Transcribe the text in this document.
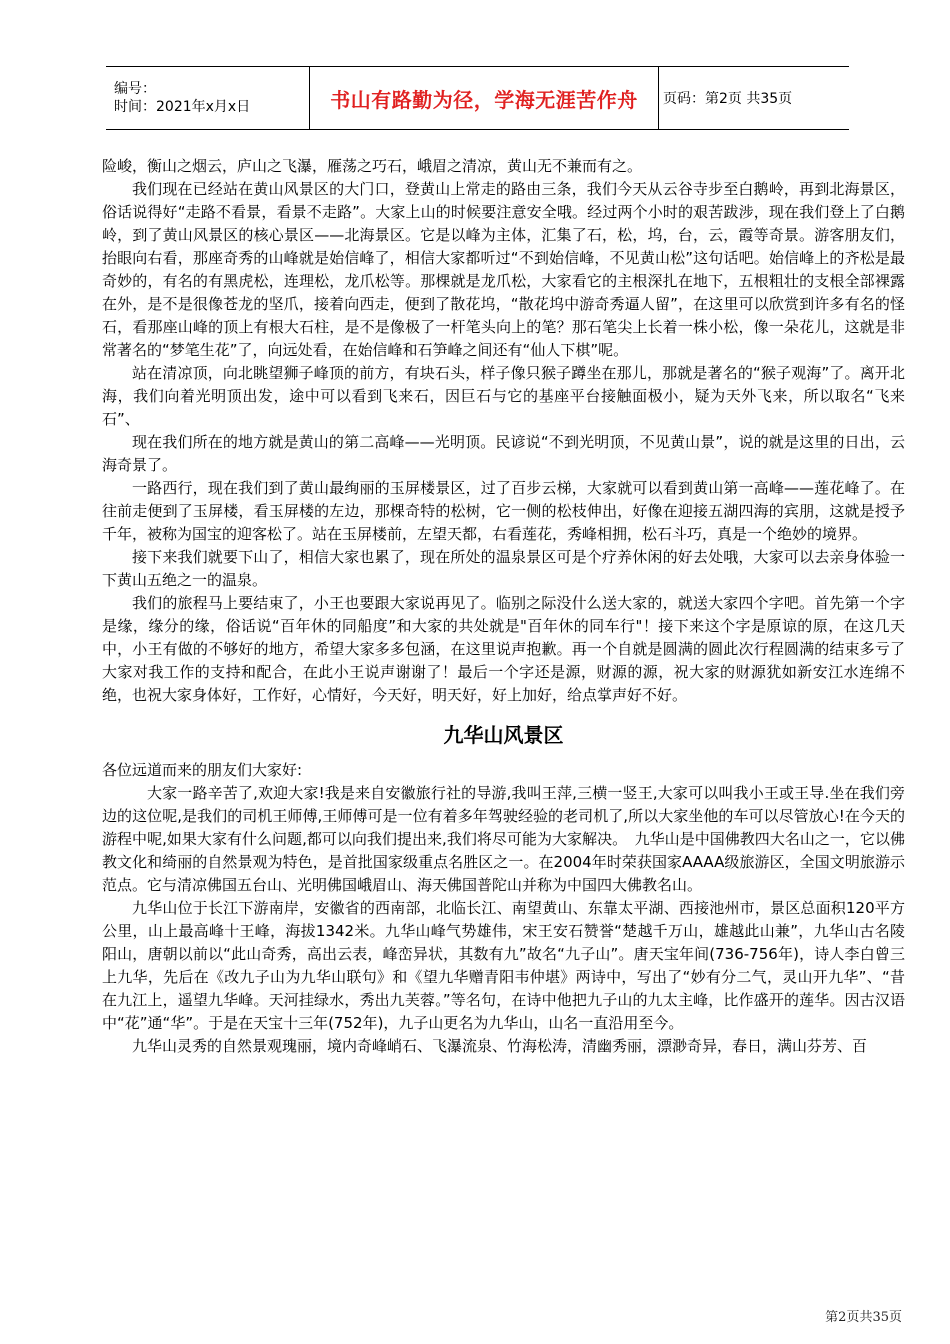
编号：
时间：2021年x月x日	书山有路勤为径，学海无涯苦作舟	页码：第2页 共35页

险峻，衡山之烟云，庐山之飞瀑，雁荡之巧石，峨眉之清凉，黄山无不兼而有之。

我们现在已经站在黄山风景区的大门口，登黄山上常走的路由三条，我们今天从云谷寺步至白鹅岭，再到北海景区，俗话说得好“走路不看景，看景不走路”。大家上山的时候要注意安全哦。经过两个小时的艰苦跋涉，现在我们登上了白鹅岭，到了黄山风景区的核心景区——北海景区。它是以峰为主体，汇集了石，松，坞，台，云，霞等奇景。游客朋友们，抬眼向右看，那座奇秀的山峰就是始信峰了，相信大家都听过“不到始信峰，不见黄山松”这句话吧。始信峰上的齐松是最奇妙的，有名的有黑虎松，连理松，龙爪松等。那棵就是龙爪松，大家看它的主根深扎在地下，五根粗壮的支根全部裸露在外，是不是很像苍龙的坚爪，接着向西走，便到了散花坞，“散花坞中游奇秀逼人留”，在这里可以欣赏到许多有名的怪石，看那座山峰的顶上有根大石柱，是不是像极了一杆笔头向上的笔？那石笔尖上长着一株小松，像一朵花儿，这就是非常著名的“梦笔生花”了，向远处看，在始信峰和石笋峰之间还有“仙人下棋”呢。

站在清凉顶，向北眺望狮子峰顶的前方，有块石头，样子像只猴子蹲坐在那儿，那就是著名的“猴子观海”了。离开北海，我们向着光明顶出发，途中可以看到飞来石，因巨石与它的基座平台接触面极小，疑为天外飞来，所以取名“飞来石”、

现在我们所在的地方就是黄山的第二高峰——光明顶。民谚说“不到光明顶，不见黄山景”，说的就是这里的日出，云海奇景了。

一路西行，现在我们到了黄山最绚丽的玉屏楼景区，过了百步云梯，大家就可以看到黄山第一高峰——莲花峰了。在往前走便到了玉屏楼，看玉屏楼的左边，那棵奇特的松树，它一侧的松枝伸出，好像在迎接五湖四海的宾朋，这就是授予千年，被称为国宝的迎客松了。站在玉屏楼前，左望天都，右看莲花，秀峰相拥，松石斗巧，真是一个绝妙的境界。

接下来我们就要下山了，相信大家也累了，现在所处的温泉景区可是个疗养休闲的好去处哦，大家可以去亲身体验一下黄山五绝之一的温泉。

我们的旅程马上要结束了，小王也要跟大家说再见了。临别之际没什么送大家的，就送大家四个字吧。首先第一个字是缘，缘分的缘，俗话说“百年休的同船度”和大家的共处就是"百年休的同车行"！接下来这个字是原谅的原，在这几天中，小王有做的不够好的地方，希望大家多多包涵，在这里说声抱歉。再一个自就是圆满的圆此次行程圆满的结束多亏了大家对我工作的支持和配合，在此小王说声谢谢了！最后一个字还是源，财源的源，祝大家的财源犹如新安江水连绵不绝，也祝大家身体好，工作好，心情好，今天好，明天好，好上加好，给点掌声好不好。

九华山风景区

各位远道而来的朋友们大家好:

大家一路辛苦了,欢迎大家!我是来自安徽旅行社的导游,我叫王萍,三横一竖王,大家可以叫我小王或王导.坐在我们旁边的这位呢,是我们的司机王师傅,王师傅可是一位有着多年驾驶经验的老司机了,所以大家坐他的车可以尽管放心!在今天的游程中呢,如果大家有什么问题,都可以向我们提出来,我们将尽可能为大家解决。　九华山是中国佛教四大名山之一，它以佛教文化和绮丽的自然景观为特色，是首批国家级重点名胜区之一。在2004年时荣获国家AAAA级旅游区，全国文明旅游示范点。它与清凉佛国五台山、光明佛国峨眉山、海天佛国普陀山并称为中国四大佛教名山。

九华山位于长江下游南岸，安徽省的西南部，北临长江、南望黄山、东靠太平湖、西接池州市，景区总面积120平方公里，山上最高峰十王峰，海拔1342米。九华山峰气势雄伟，宋王安石赞誉“楚越千万山，雄越此山兼”，九华山古名陵阳山，唐朝以前以“此山奇秀，高出云表，峰峦异状，其数有九”故名“九子山”。唐天宝年间(736-756年)，诗人李白曾三上九华，先后在《改九子山为九华山联句》和《望九华赠青阳韦仲堪》两诗中，写出了“妙有分二气，灵山开九华”、“昔在九江上，遥望九华峰。天河挂绿水，秀出九芙蓉。”等名句，在诗中他把九子山的九太主峰，比作盛开的莲华。因古汉语中“花”通“华”。于是在天宝十三年(752年)，九子山更名为九华山，山名一直沿用至今。

九华山灵秀的自然景观瑰丽，境内奇峰峭石、飞瀑流泉、竹海松涛，清幽秀丽，漂渺奇异，春日，满山芬芳、百

第2页共35页
